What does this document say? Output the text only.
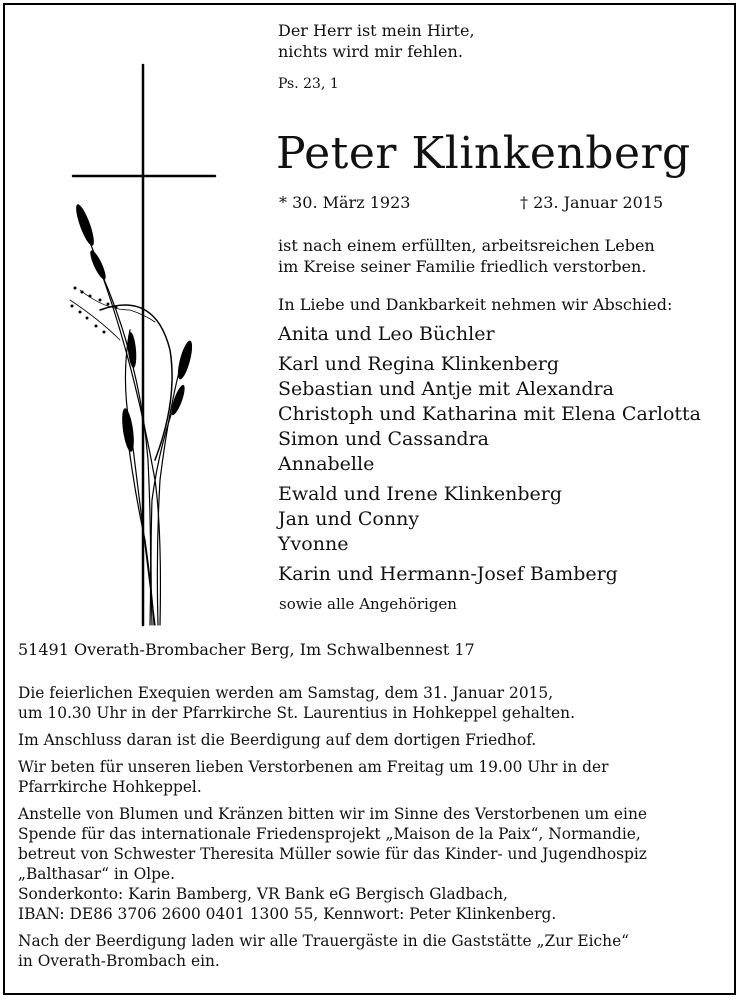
Der Herr ist mein Hirte,
nichts wird mir fehlen.
Ps. 23, 1
Peter Klinkenberg
* 30. März 1923	† 23. Januar 2015
ist nach einem erfüllten, arbeitsreichen Leben
im Kreise seiner Familie friedlich verstorben.
In Liebe und Dankbarkeit nehmen wir Abschied:
Anita und Leo Büchler
Karl und Regina Klinkenberg
Sebastian und Antje mit Alexandra
Christoph und Katharina mit Elena Carlotta
Simon und Cassandra
Annabelle
Ewald und Irene Klinkenberg
Jan und Conny
Yvonne
Karin und Hermann-Josef Bamberg
sowie alle Angehörigen
51491 Overath-Brombacher Berg, Im Schwalbennest 17
Die feierlichen Exequien werden am Samstag, dem 31. Januar 2015,
um 10.30 Uhr in der Pfarrkirche St. Laurentius in Hohkeppel gehalten.
Im Anschluss daran ist die Beerdigung auf dem dortigen Friedhof.
Wir beten für unseren lieben Verstorbenen am Freitag um 19.00 Uhr in der
Pfarrkirche Hohkeppel.
Anstelle von Blumen und Kränzen bitten wir im Sinne des Verstorbenen um eine
Spende für das internationale Friedensprojekt „Maison de la Paix“, Normandie,
betreut von Schwester Theresita Müller sowie für das Kinder- und Jugendhospiz
„Balthasar“ in Olpe.
Sonderkonto: Karin Bamberg, VR Bank eG Bergisch Gladbach,
IBAN: DE86 3706 2600 0401 1300 55, Kennwort: Peter Klinkenberg.
Nach der Beerdigung laden wir alle Trauergäste in die Gaststätte „Zur Eiche“
in Overath-Brombach ein.
